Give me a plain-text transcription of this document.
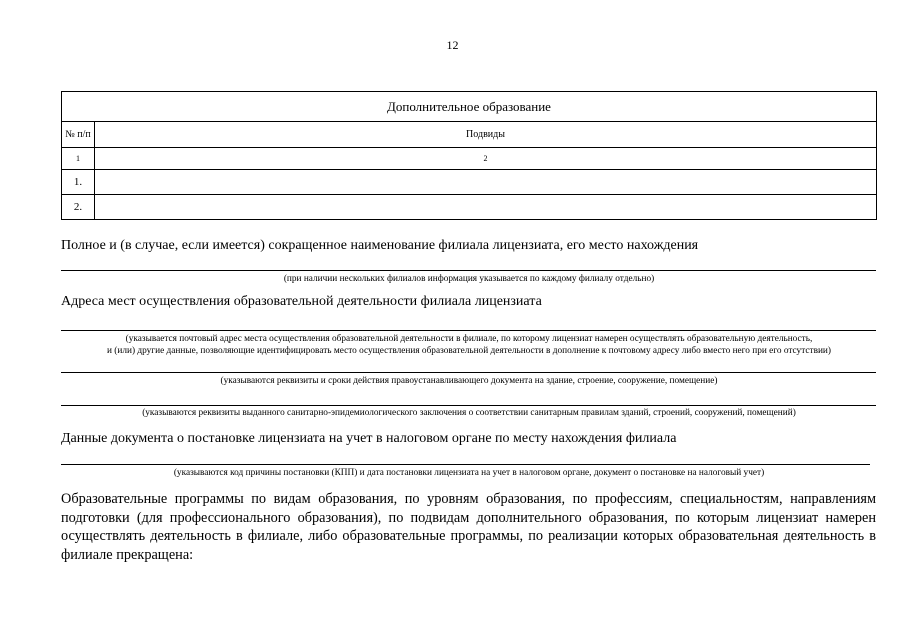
12
Дополнительное образование	
№ п/п	Подвиды
1	2
1.	
2.	
Полное и (в случае, если имеется) сокращенное наименование филиала лицензиата, его место нахождения
(при наличии нескольких филиалов информация указывается по каждому филиалу отдельно)
Адреса мест осуществления образовательной деятельности филиала лицензиата
(указывается почтовый адрес места осуществления образовательной деятельности в филиале, по которому лицензиат намерен осуществлять образовательную деятельность,
и (или) другие данные, позволяющие идентифицировать место осуществления образовательной деятельности в дополнение к почтовому адресу либо вместо него при его отсутствии)
(указываются реквизиты и сроки действия правоустанавливающего документа на здание, строение, сооружение, помещение)
(указываются реквизиты выданного санитарно-эпидемиологического заключения о соответствии санитарным правилам зданий, строений, сооружений, помещений)
Данные документа о постановке лицензиата на учет в налоговом органе по месту нахождения филиала
(указываются код причины постановки (КПП) и дата постановки лицензиата на учет в налоговом органе, документ о постановке на налоговый учет)
Образовательные программы по видам образования, по уровням образования, по профессиям, специальностям, направлениям подготовки (для профессионального образования), по подвидам дополнительного образования, по которым лицензиат намерен осуществлять деятельность в филиале, либо образовательные программы, по реализации которых образовательная деятельность в филиале прекращена:
